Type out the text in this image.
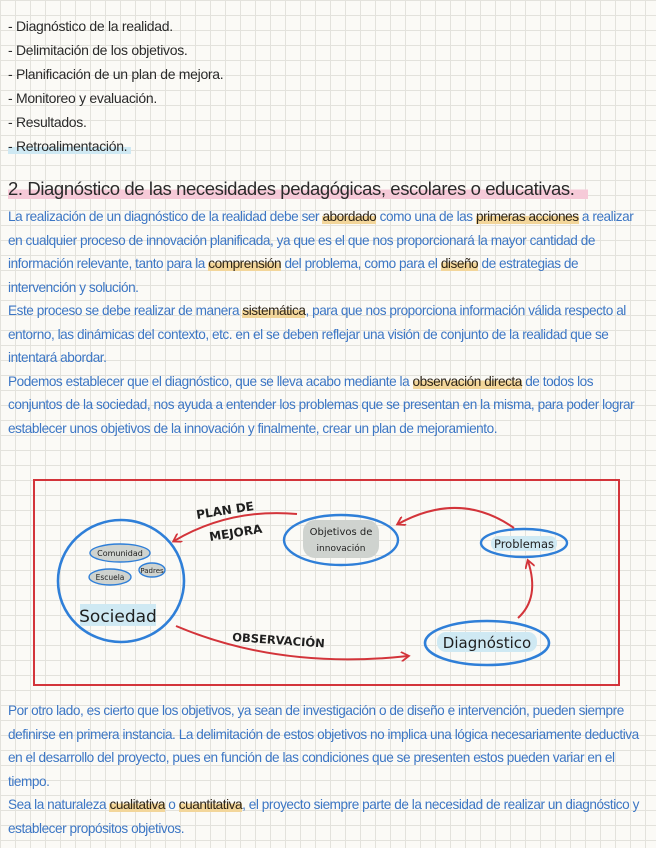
- Diagnóstico de la realidad.
- Delimitación de los objetivos.
- Planificación de un plan de mejora.
- Monitoreo y evaluación.
- Resultados.
- Retroalimentación.
2. Diagnóstico de las necesidades pedagógicas, escolares o educativas.

La realización de un diagnóstico de la realidad debe ser abordado como una de las primeras acciones a realizar en cualquier proceso de innovación planificada, ya que es el que nos proporcionará la mayor cantidad de información relevante, tanto para la comprensión del problema, como para el diseño de estrategias de intervención y solución.
Este proceso se debe realizar de manera sistemática, para que nos proporciona información válida respecto al entorno, las dinámicas del contexto, etc. en el se deben reflejar una visión de conjunto de la realidad que se intentará abordar.
Podemos establecer que el diagnóstico, que se lleva acabo mediante la observación directa de todos los conjuntos de la sociedad, nos ayuda a entender los problemas que se presentan en la misma, para poder lograr establecer unos objetivos de la innovación y finalmente, crear un plan de mejoramiento.

Comunidad
Escuela
Padres
Sociedad
Objetivos de
innovación	Problemas
Diagnóstico
PLAN DE
MEJORA
OBSERVACIÓN

Por otro lado, es cierto que los objetivos, ya sean de investigación o de diseño e intervención, pueden siempre definirse en primera instancia. La delimitación de estos objetivos no implica una lógica necesariamente deductiva en el desarrollo del proyecto, pues en función de las condiciones que se presenten estos pueden variar en el tiempo.
Sea la naturaleza cualitativa o cuantitativa, el proyecto siempre parte de la necesidad de realizar un diagnóstico y establecer propósitos objetivos.
